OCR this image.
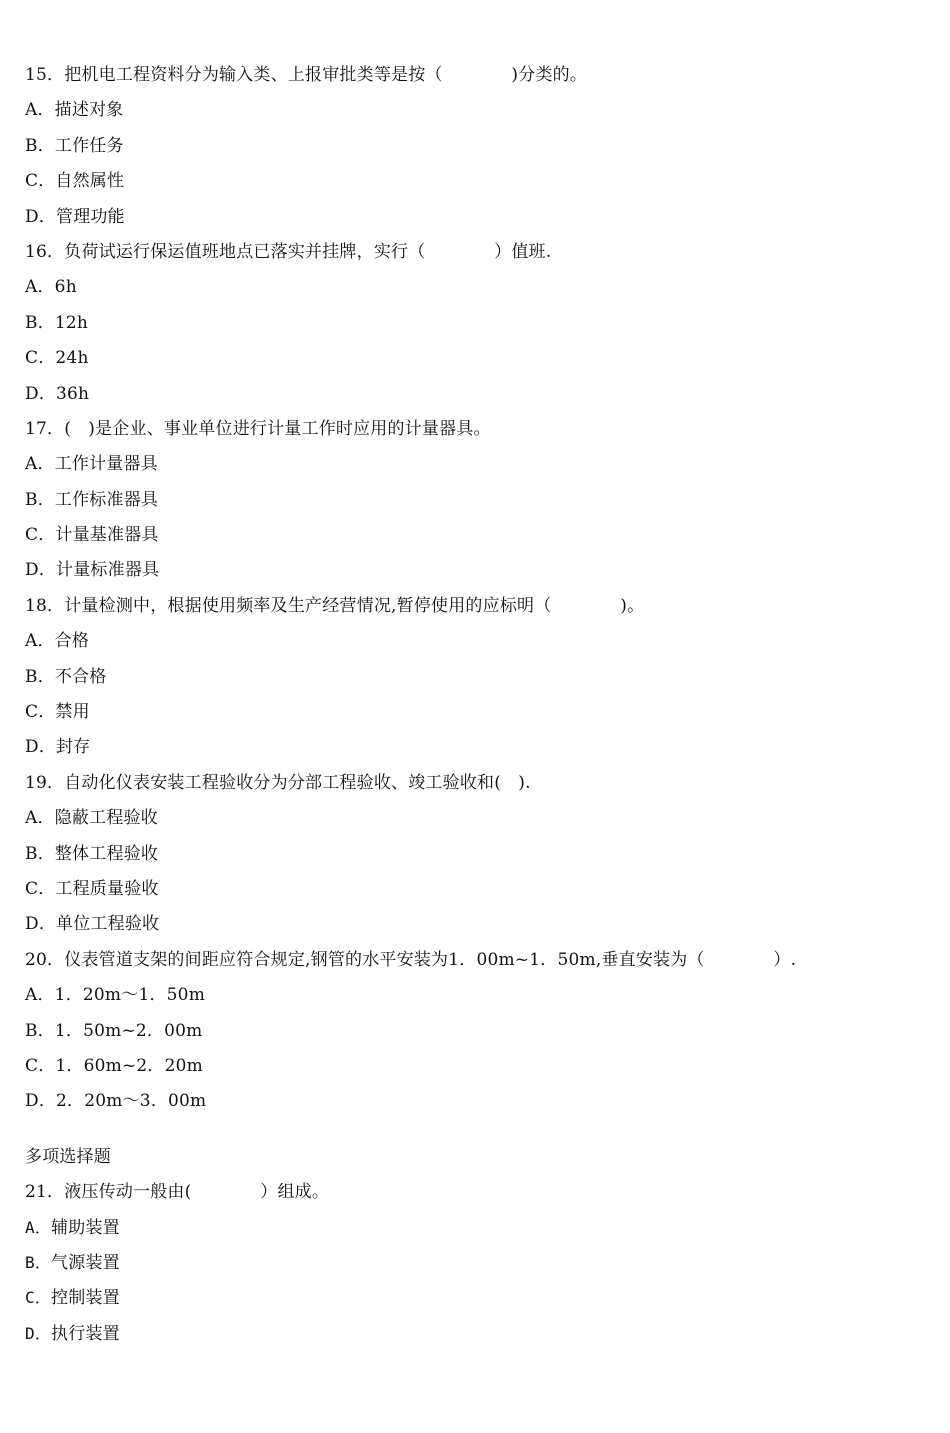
15．把机电工程资料分为输入类、上报审批类等是按（　　　　)分类的。
A．描述对象
B．工作任务
C．自然属性
D．管理功能
16．负荷试运行保运值班地点已落实并挂牌，实行（　　　　）值班.
A．6h
B．12h
C．24h
D．36h
17．(　)是企业、事业单位进行计量工作时应用的计量器具。
A．工作计量器具
B．工作标准器具
C．计量基准器具
D．计量标准器具
18．计量检测中，根据使用频率及生产经营情况,暂停使用的应标明（　　　　)。
A．合格
B．不合格
C．禁用
D．封存
19．自动化仪表安装工程验收分为分部工程验收、竣工验收和(　).
A．隐蔽工程验收
B．整体工程验收
C．工程质量验收
D．单位工程验收
20．仪表管道支架的间距应符合规定,钢管的水平安装为1．00m~1．50m,垂直安装为（　　　　）.
A．1．20m～1．50m
B．1．50m~2．00m
C．1．60m~2．20m
D．2．20m～3．00m
多项选择题
21．液压传动一般由(　　　　）组成。
A．辅助装置
B．气源装置
C．控制装置
D．执行装置
